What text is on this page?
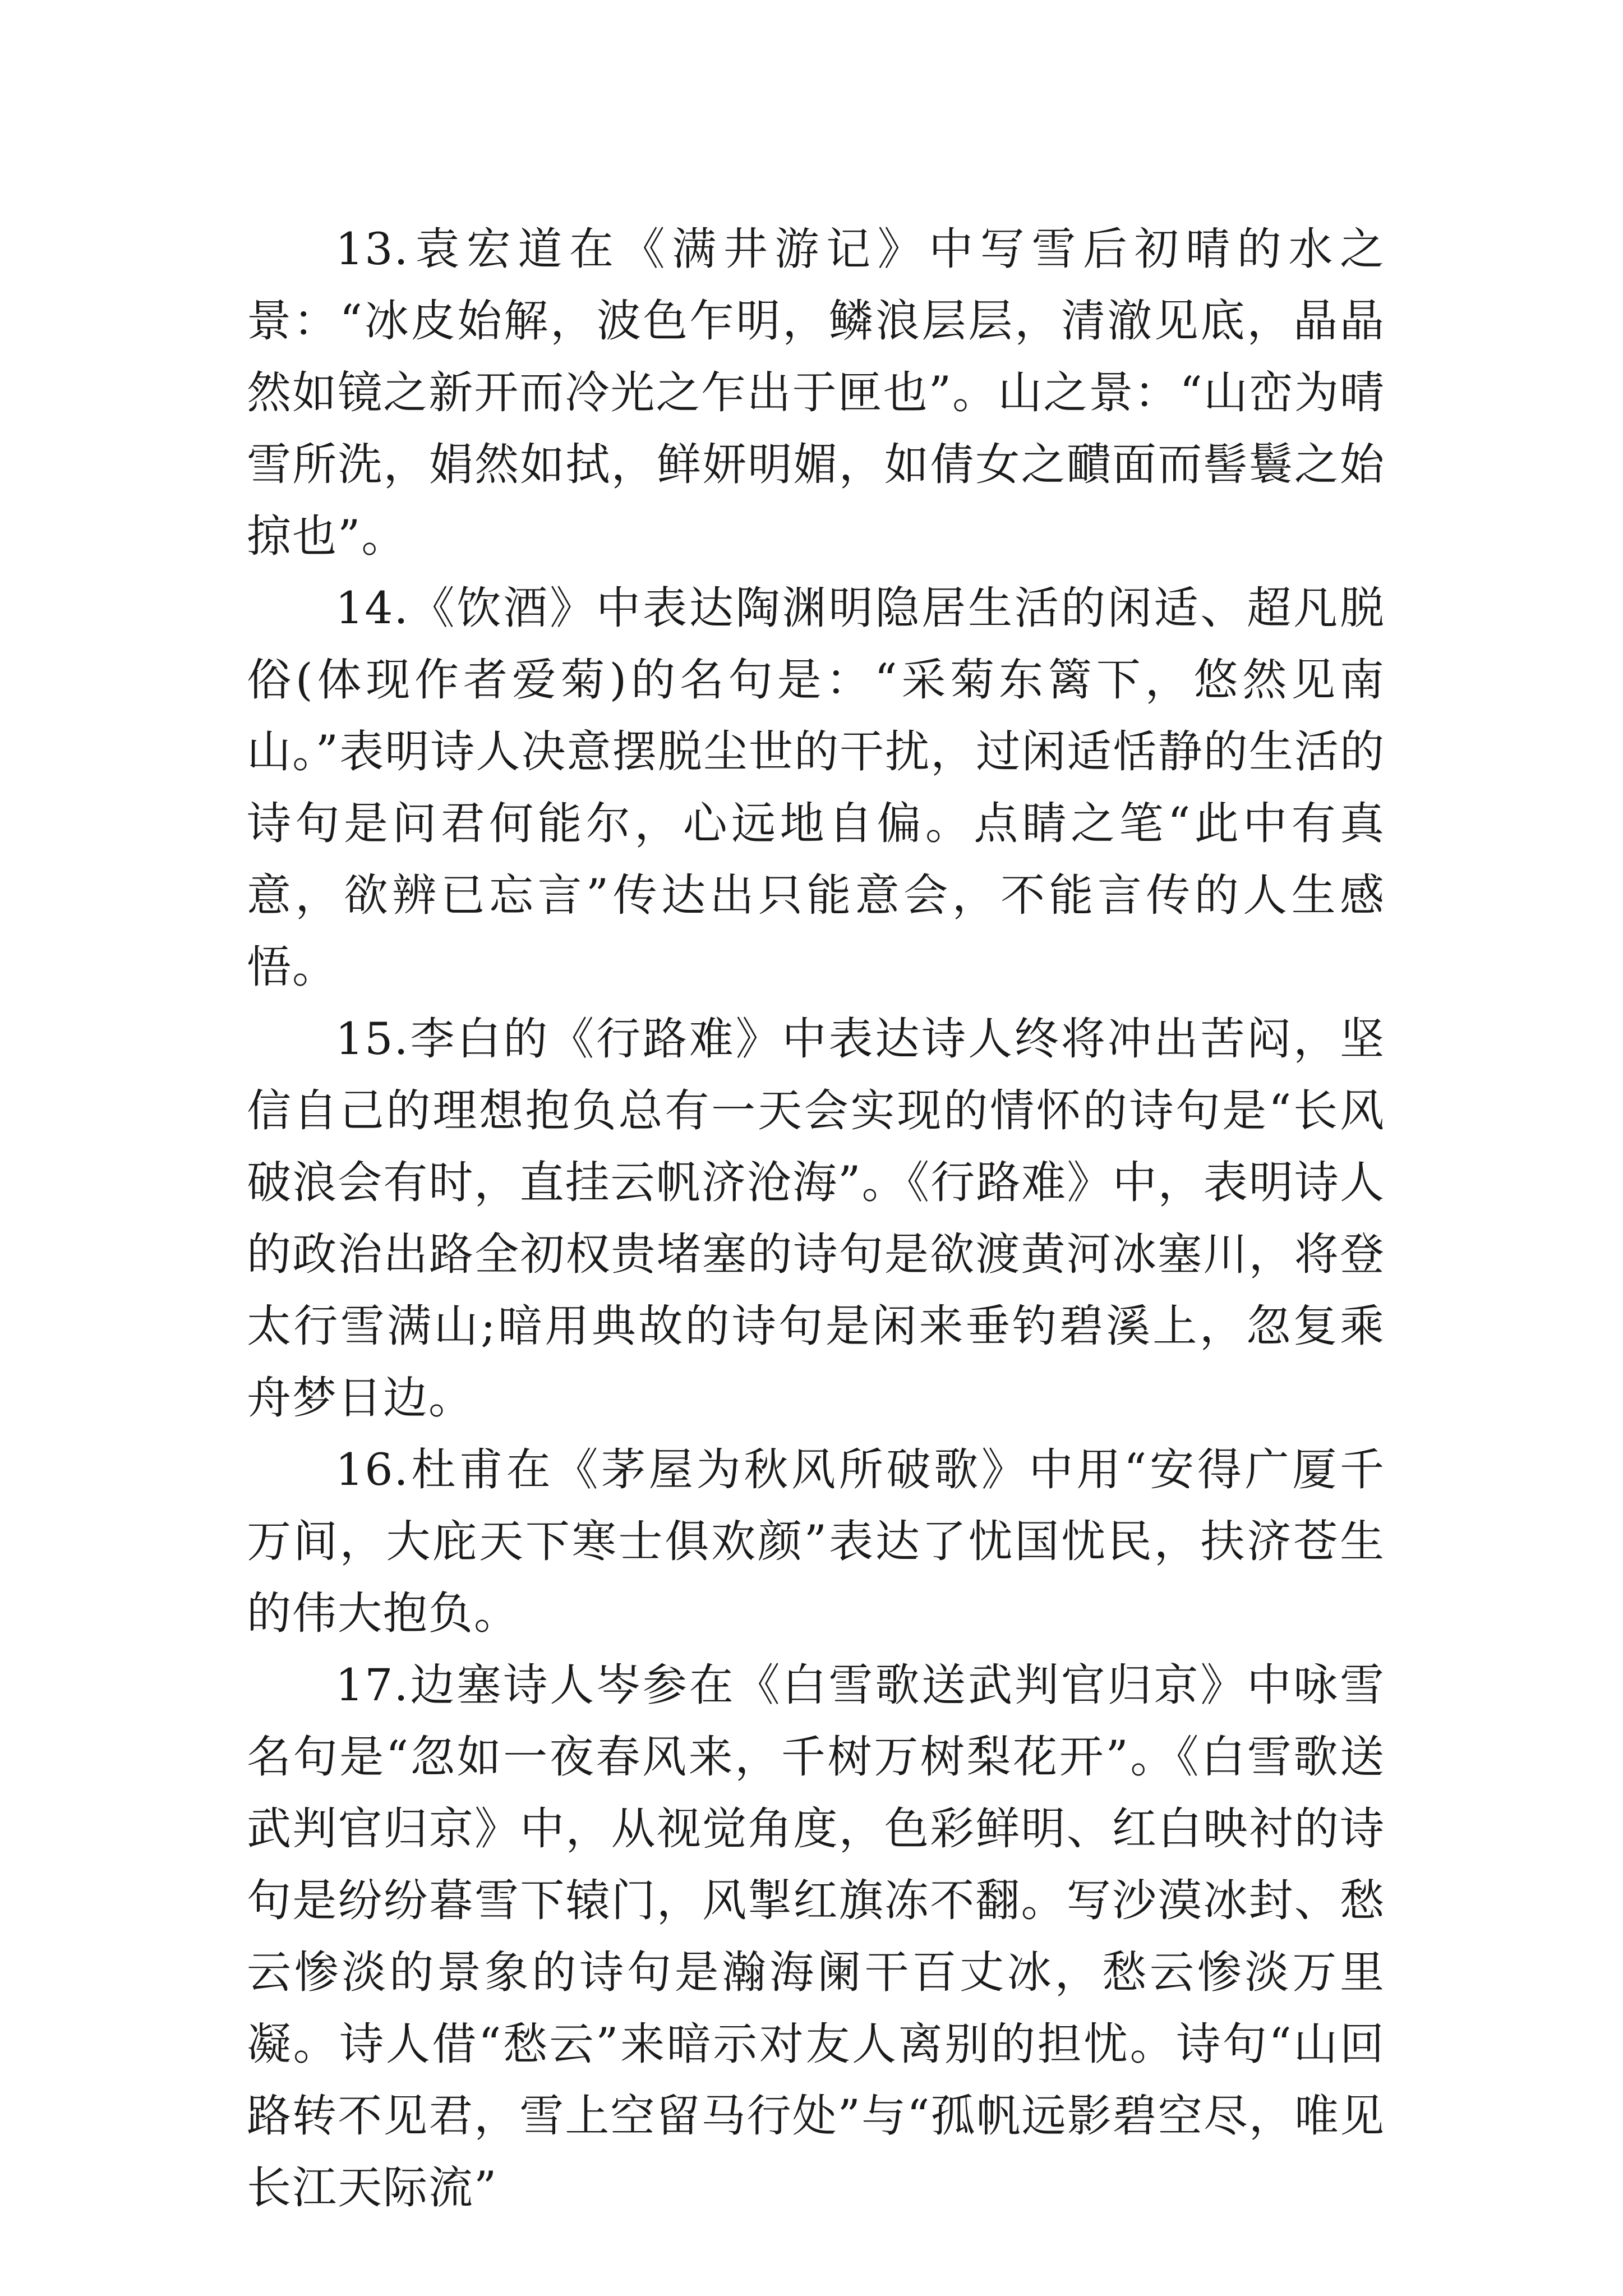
13.袁宏道在《满井游记》中写雪后初晴的水之景：“冰皮始解，波色乍明，鳞浪层层，清澈见底，晶晶然如镜之新开而冷光之乍出于匣也”。山之景：“山峦为晴雪所洗，娟然如拭，鲜妍明媚，如倩女之靧面而髻鬟之始掠也”。

14.《饮酒》中表达陶渊明隐居生活的闲适、超凡脱俗(体现作者爱菊)的名句是：“采菊东篱下，悠然见南山。”表明诗人决意摆脱尘世的干扰，过闲适恬静的生活的诗句是问君何能尔，心远地自偏。点睛之笔“此中有真意，欲辨已忘言”传达出只能意会，不能言传的人生感悟。

15.李白的《行路难》中表达诗人终将冲出苦闷，坚信自己的理想抱负总有一天会实现的情怀的诗句是“长风破浪会有时，直挂云帆济沧海”。《行路难》中，表明诗人的政治出路全初权贵堵塞的诗句是欲渡黄河冰塞川，将登太行雪满山;暗用典故的诗句是闲来垂钓碧溪上，忽复乘舟梦日边。

16.杜甫在《茅屋为秋风所破歌》中用“安得广厦千万间，大庇天下寒士俱欢颜”表达了忧国忧民，扶济苍生的伟大抱负。

17.边塞诗人岑参在《白雪歌送武判官归京》中咏雪名句是“忽如一夜春风来，千树万树梨花开”。《白雪歌送武判官归京》中，从视觉角度，色彩鲜明、红白映衬的诗句是纷纷暮雪下辕门，风掣红旗冻不翻。写沙漠冰封、愁云惨淡的景象的诗句是瀚海阑干百丈冰，愁云惨淡万里凝。诗人借“愁云”来暗示对友人离别的担忧。诗句“山回路转不见君，雪上空留马行处”与“孤帆远影碧空尽，唯见长江天际流”
